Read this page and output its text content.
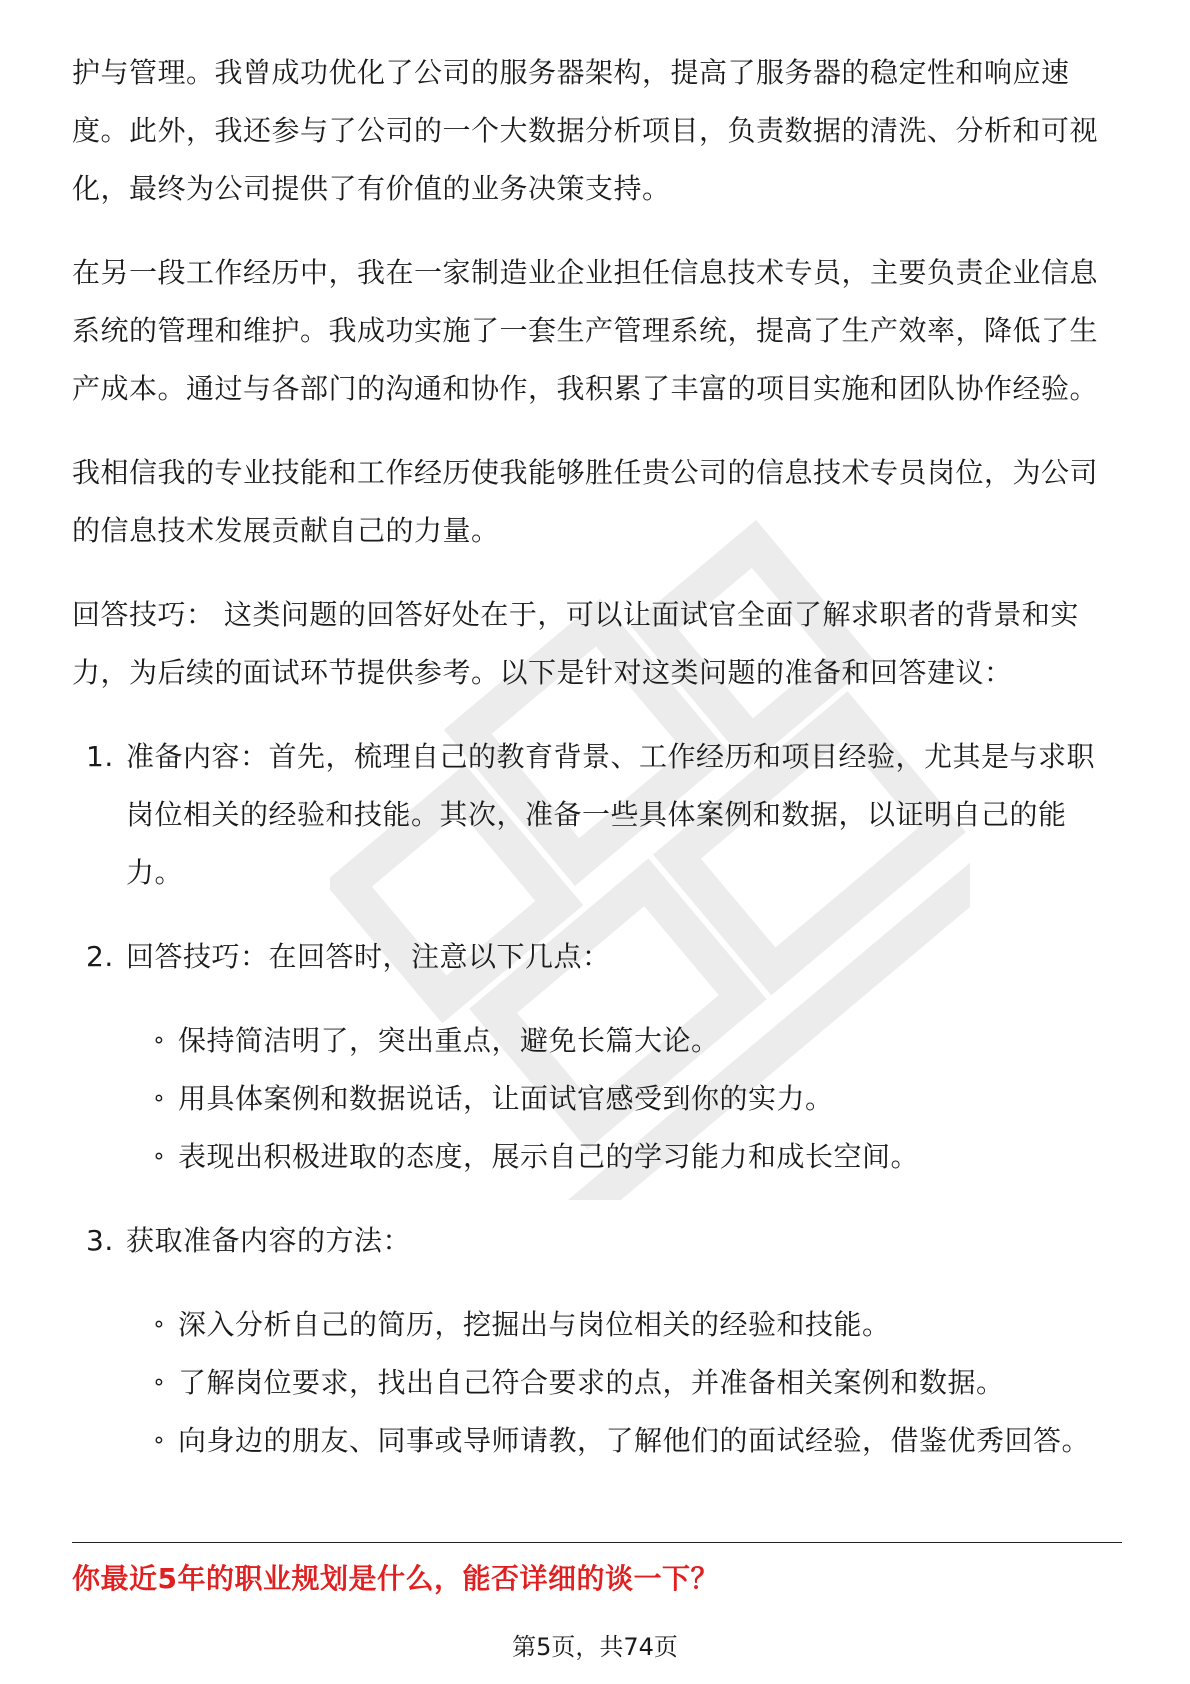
护与管理。我曾成功优化了公司的服务器架构，提高了服务器的稳定性和响应速度。此外，我还参与了公司的一个大数据分析项目，负责数据的清洗、分析和可视化，最终为公司提供了有价值的业务决策支持。

在另一段工作经历中，我在一家制造业企业担任信息技术专员，主要负责企业信息系统的管理和维护。我成功实施了一套生产管理系统，提高了生产效率，降低了生产成本。通过与各部门的沟通和协作，我积累了丰富的项目实施和团队协作经验。

我相信我的专业技能和工作经历使我能够胜任贵公司的信息技术专员岗位，为公司的信息技术发展贡献自己的力量。

回答技巧： 这类问题的回答好处在于，可以让面试官全面了解求职者的背景和实力，为后续的面试环节提供参考。以下是针对这类问题的准备和回答建议：

1. 准备内容：首先，梳理自己的教育背景、工作经历和项目经验，尤其是与求职岗位相关的经验和技能。其次，准备一些具体案例和数据，以证明自己的能力。
2. 回答技巧：在回答时，注意以下几点：
∘ 保持简洁明了，突出重点，避免长篇大论。
∘ 用具体案例和数据说话，让面试官感受到你的实力。
∘ 表现出积极进取的态度，展示自己的学习能力和成长空间。
3. 获取准备内容的方法：
∘ 深入分析自己的简历，挖掘出与岗位相关的经验和技能。
∘ 了解岗位要求，找出自己符合要求的点，并准备相关案例和数据。
∘ 向身边的朋友、同事或导师请教，了解他们的面试经验，借鉴优秀回答。
你最近5年的职业规划是什么，能否详细的谈一下？
第5页，共74页
